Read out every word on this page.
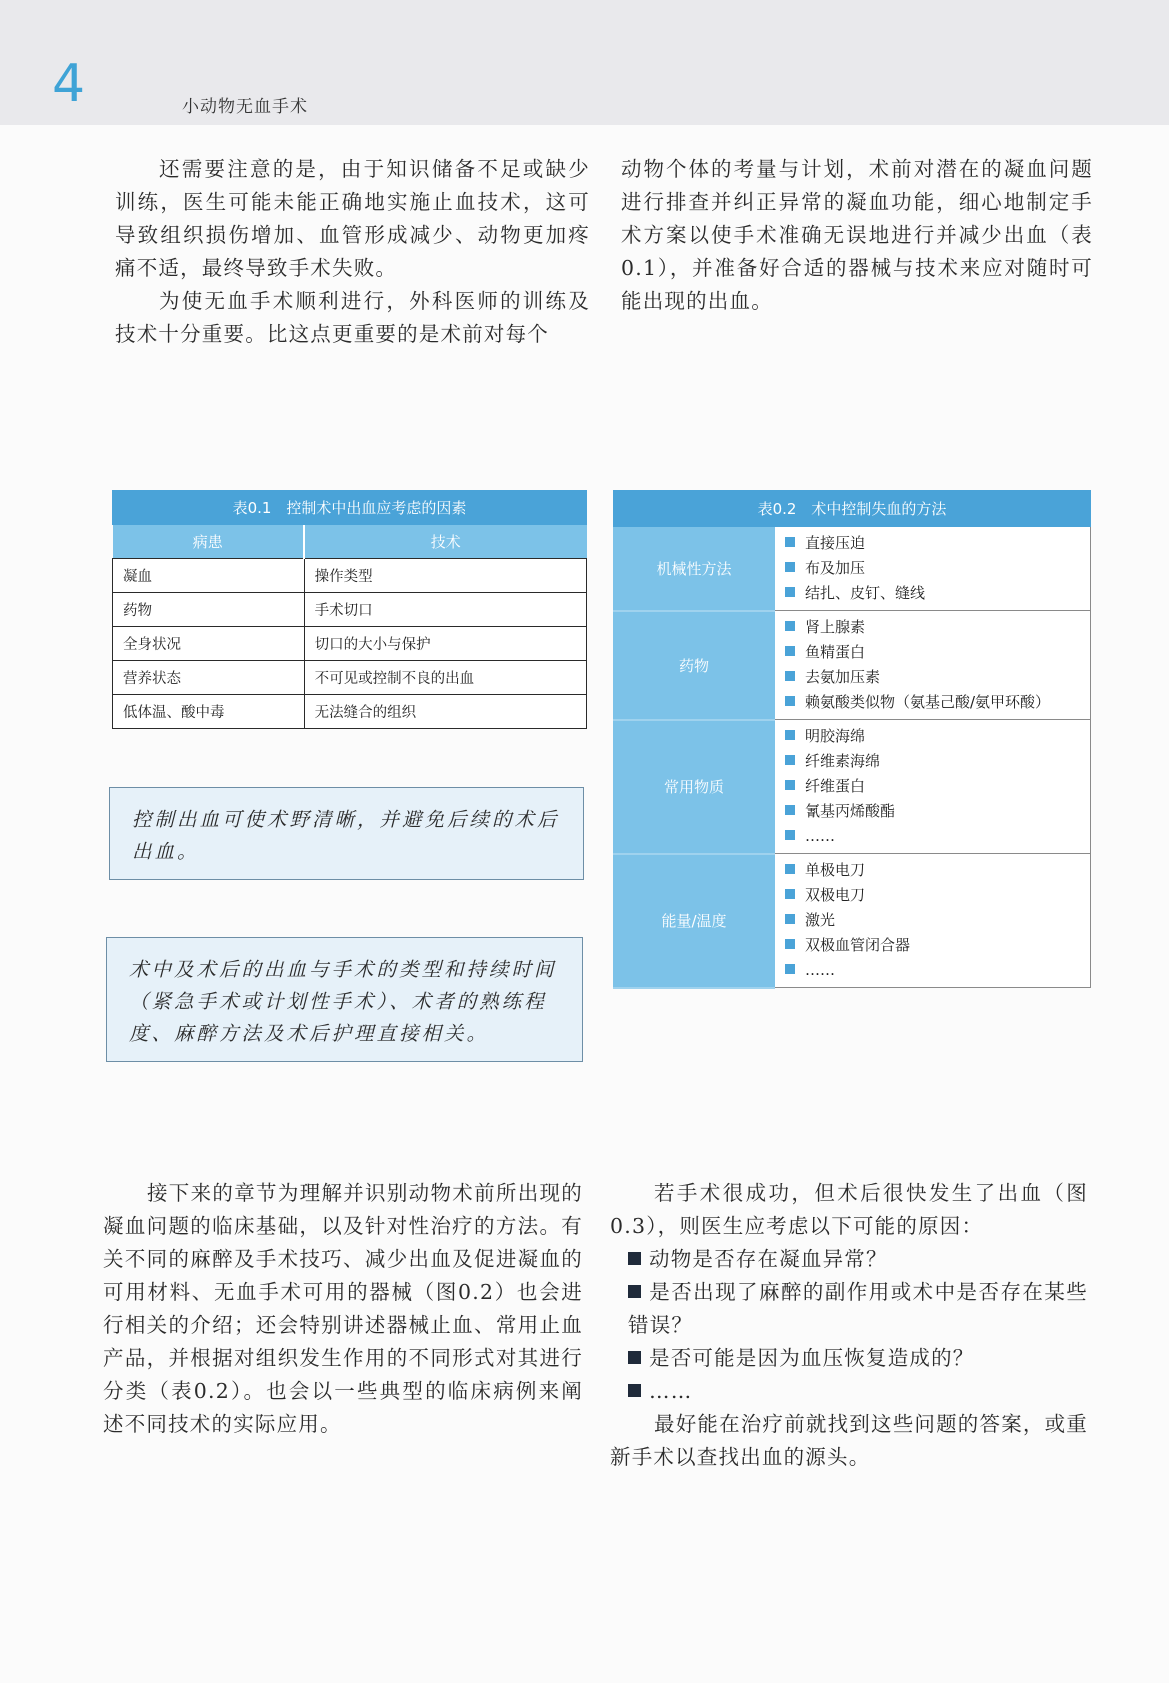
4	小动物无血手术

还需要注意的是，由于知识储备不足或缺少训练，医生可能未能正确地实施止血技术，这可导致组织损伤增加、血管形成减少、动物更加疼痛不适，最终导致手术失败。

为使无血手术顺利进行，外科医师的训练及技术十分重要。比这点更重要的是术前对每个

动物个体的考量与计划，术前对潜在的凝血问题进行排查并纠正异常的凝血功能，细心地制定手术方案以使手术准确无误地进行并减少出血（表0.1），并准备好合适的器械与技术来应对随时可能出现的出血。

表0.1　控制术中出血应考虑的因素
病患	技术
凝血	操作类型
药物	手术切口
全身状况	切口的大小与保护
营养状态	不可见或控制不良的出血
低体温、酸中毒	无法缝合的组织
表0.2　术中控制失血的方法
机械性方法	直接压迫
布及加压
结扎、皮钉、缝线

药物	肾上腺素
鱼精蛋白
去氨加压素
赖氨酸类似物（氨基己酸/氨甲环酸）

常用物质	明胶海绵
纤维素海绵
纤维蛋白
氰基丙烯酸酯
……

能量/温度	单极电刀
双极电刀
激光
双极血管闭合器
……
控制出血可使术野清晰，并避免后续的术后出血。
术中及术后的出血与手术的类型和持续时间（紧急手术或计划性手术）、术者的熟练程度、麻醉方法及术后护理直接相关。

接下来的章节为理解并识别动物术前所出现的凝血问题的临床基础，以及针对性治疗的方法。有关不同的麻醉及手术技巧、减少出血及促进凝血的可用材料、无血手术可用的器械（图0.2）也会进行相关的介绍；还会特别讲述器械止血、常用止血产品，并根据对组织发生作用的不同形式对其进行分类（表0.2）。也会以一些典型的临床病例来阐述不同技术的实际应用。

若手术很成功，但术后很快发生了出血（图0.3），则医生应考虑以下可能的原因：

动物是否存在凝血异常？

是否出现了麻醉的副作用或术中是否存在某些错误？

是否可能是因为血压恢复造成的？

……

最好能在治疗前就找到这些问题的答案，或重新手术以查找出血的源头。
